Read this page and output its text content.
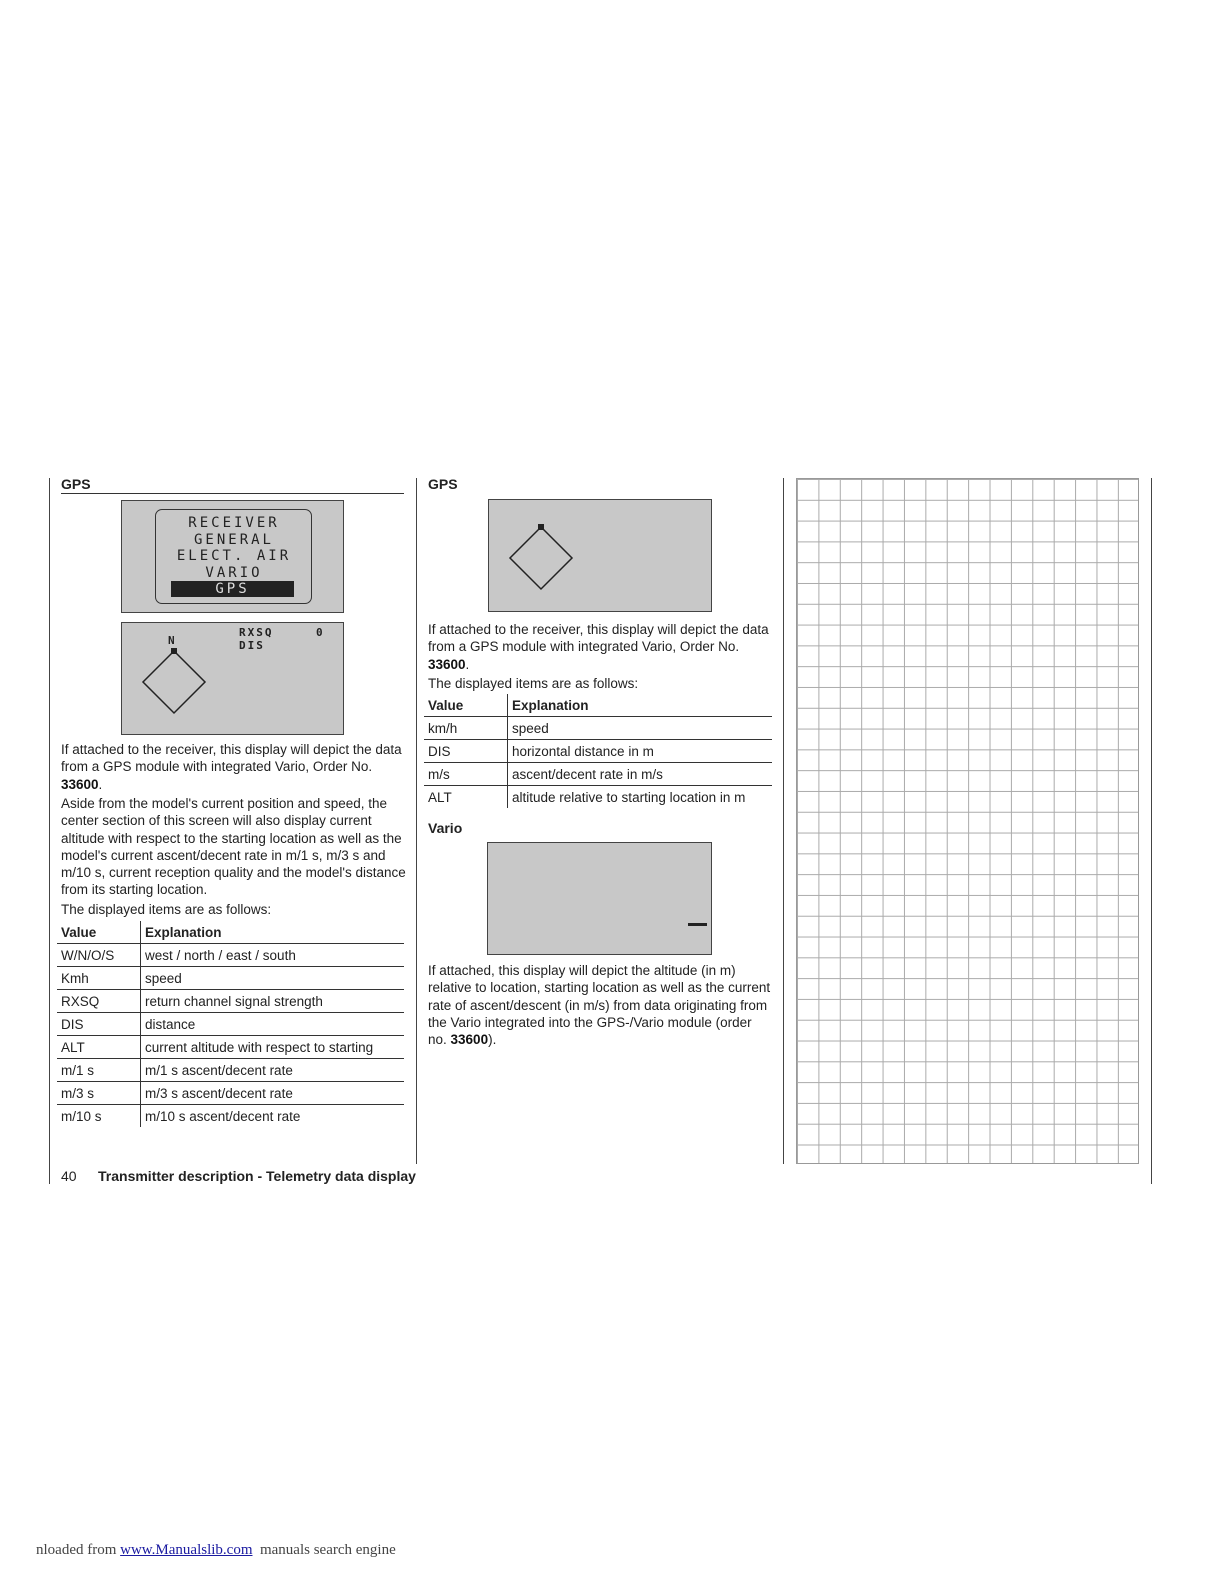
GPS
RECEIVER
GENERAL
ELECT. AIR
VARIO
GPS
N
RXSQ	0
DIS
If attached to the receiver, this display will depict the data from a GPS module with integrated Vario, Order No. 33600.
Aside from the model's current position and speed, the center section of this screen will also display current altitude with respect to the starting location as well as the model's current ascent/decent rate in m/1 s, m/3 s and m/10 s, current reception quality and the model's distance from its starting location.
The displayed items are as follows:
Value	Explanation
W/N/O/S	west / north / east / south
Kmh	speed
RXSQ	return channel signal strength
DIS	distance
ALT	current altitude with respect to starting
m/1 s	m/1 s ascent/decent rate
m/3 s	m/3 s ascent/decent rate
m/10 s	m/10 s ascent/decent rate
GPS
If attached to the receiver, this display will depict the data from a GPS module with integrated Vario, Order No. 33600.
The displayed items are as follows:
Value	Explanation
km/h	speed
DIS	horizontal distance in m
m/s	ascent/decent rate in m/s
ALT	altitude relative to starting location in m
Vario
If attached, this display will depict the altitude (in m) relative to location, starting location as well as the current rate of ascent/descent (in m/s) from data originating from the Vario integrated into the GPS-/Vario module (order no. 33600).
40 Transmitter description - Telemetry data display
nloaded from www.Manualslib.com  manuals search engine
